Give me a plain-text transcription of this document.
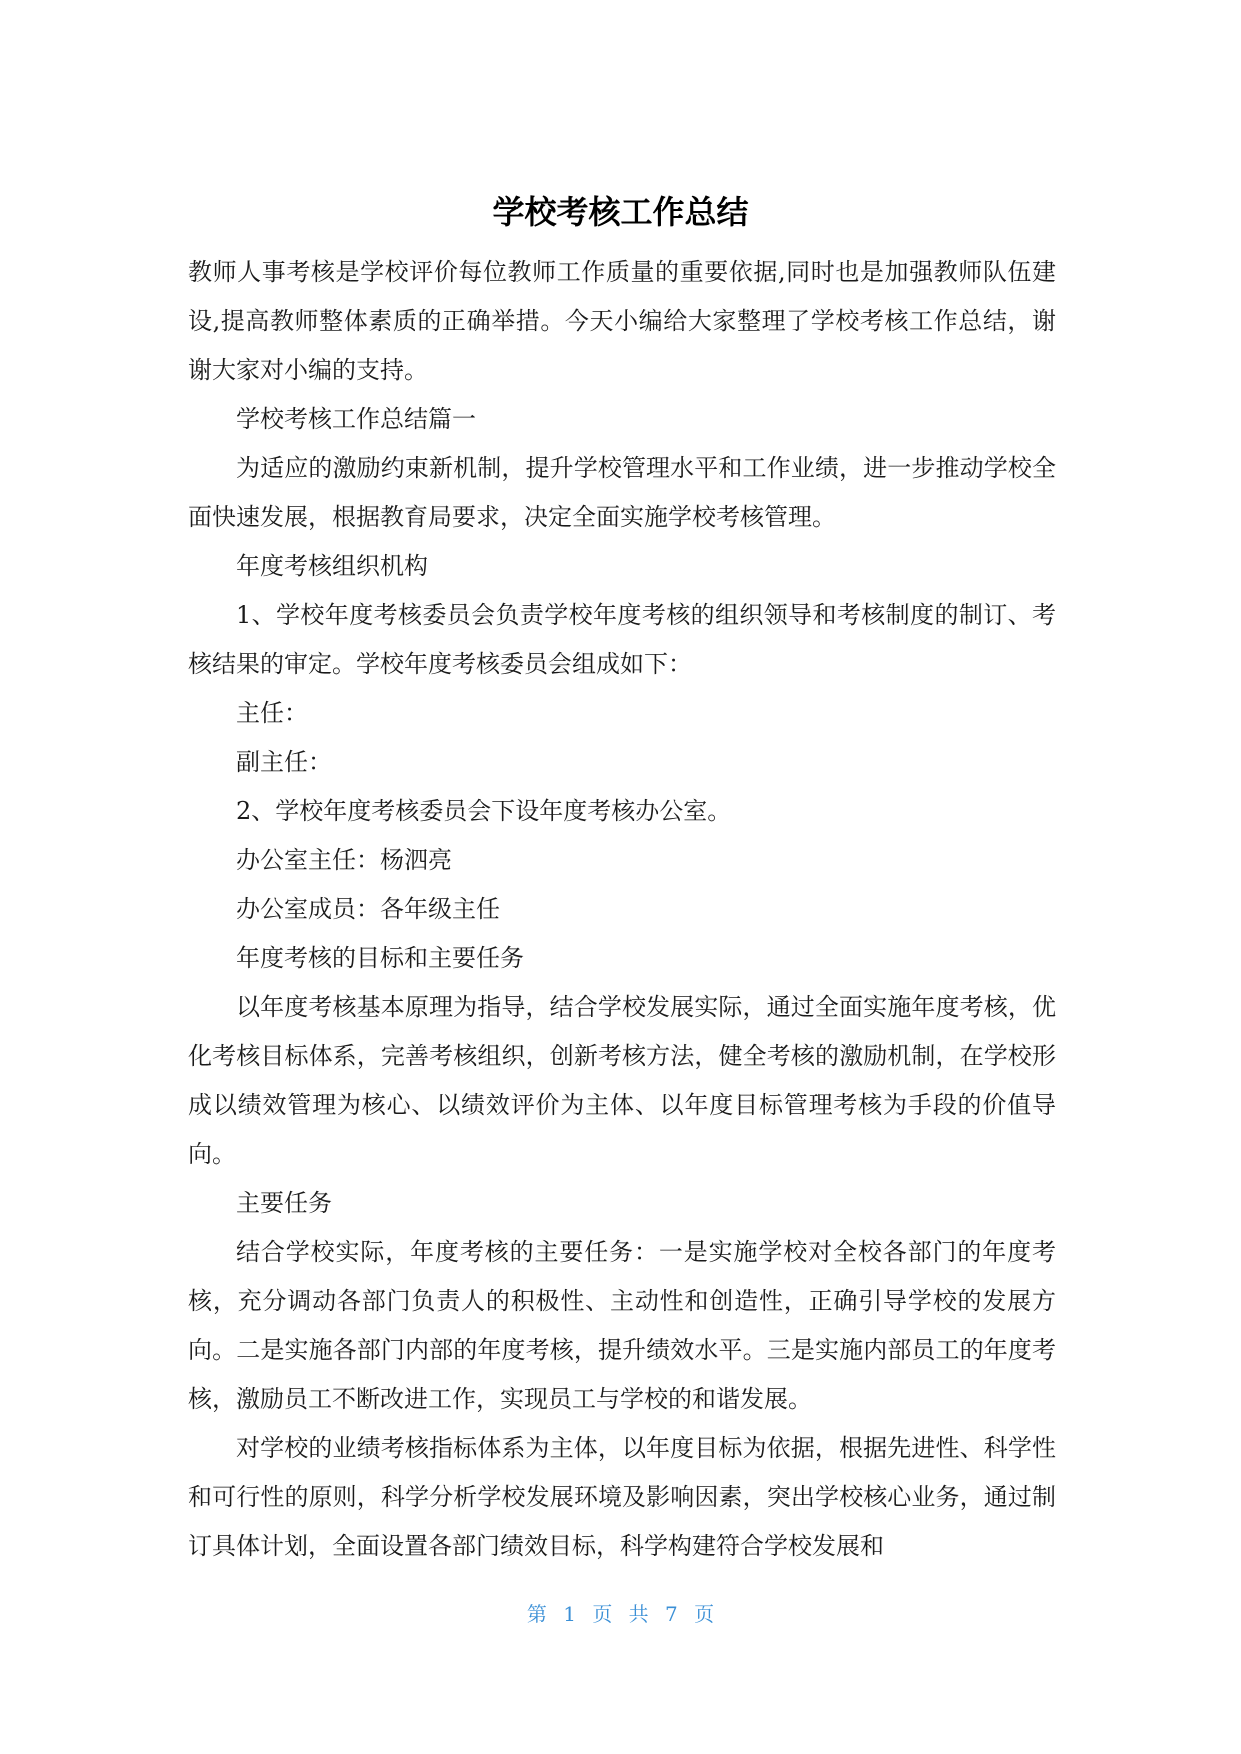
学校考核工作总结

教师人事考核是学校评价每位教师工作质量的重要依据,同时也是加强教师队伍建设,提高教师整体素质的正确举措。今天小编给大家整理了学校考核工作总结，谢谢大家对小编的支持。

学校考核工作总结篇一

为适应的激励约束新机制，提升学校管理水平和工作业绩，进一步推动学校全面快速发展，根据教育局要求，决定全面实施学校考核管理。

年度考核组织机构

1、学校年度考核委员会负责学校年度考核的组织领导和考核制度的制订、考核结果的审定。学校年度考核委员会组成如下：

主任：

副主任：

2、学校年度考核委员会下设年度考核办公室。

办公室主任：杨泗亮

办公室成员：各年级主任

年度考核的目标和主要任务

以年度考核基本原理为指导，结合学校发展实际，通过全面实施年度考核，优化考核目标体系，完善考核组织，创新考核方法，健全考核的激励机制，在学校形成以绩效管理为核心、以绩效评价为主体、以年度目标管理考核为手段的价值导向。

主要任务

结合学校实际，年度考核的主要任务：一是实施学校对全校各部门的年度考核，充分调动各部门负责人的积极性、主动性和创造性，正确引导学校的发展方向。二是实施各部门内部的年度考核，提升绩效水平。三是实施内部员工的年度考核，激励员工不断改进工作，实现员工与学校的和谐发展。

对学校的业绩考核指标体系为主体，以年度目标为依据，根据先进性、科学性和可行性的原则，科学分析学校发展环境及影响因素，突出学校核心业务，通过制订具体计划，全面设置各部门绩效目标，科学构建符合学校发展和

第 1 页 共 7 页
